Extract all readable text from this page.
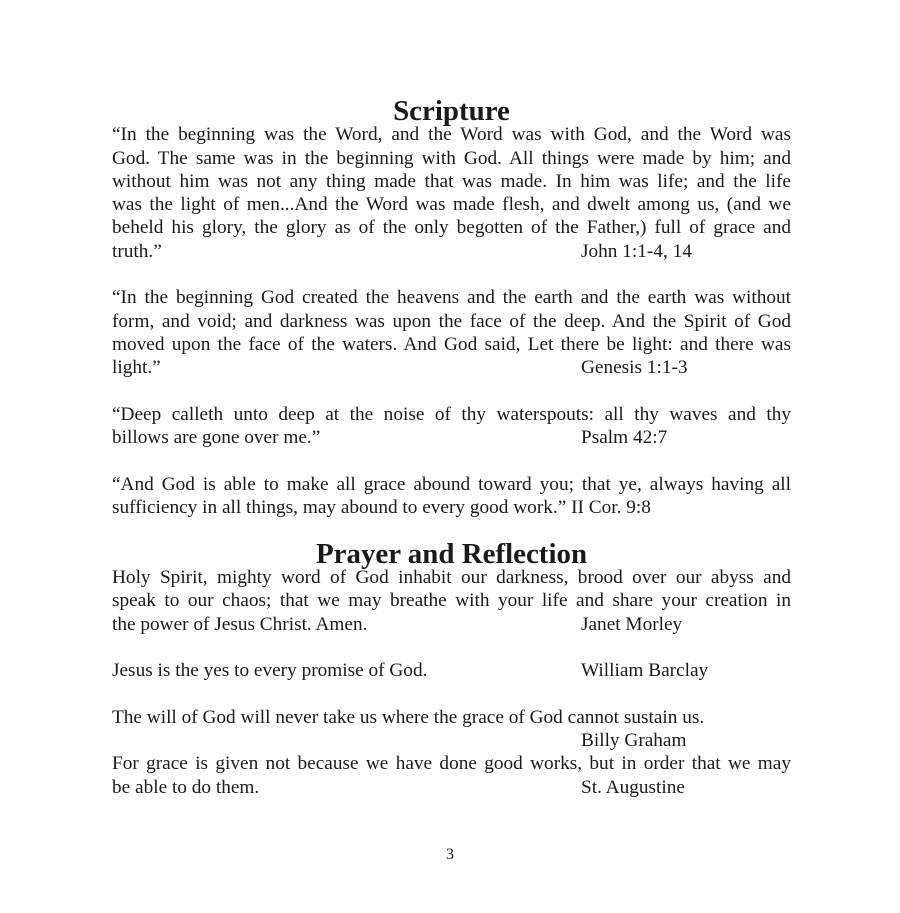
Scripture
“In the beginning was the Word, and the Word was with God, and the Word was
God. The same was in the beginning with God. All things were made by him; and
without him was not any thing made that was made. In him was life; and the life
was the light of men...And the Word was made flesh, and dwelt among us, (and we
beheld his glory, the glory as of the only begotten of the Father,) full of grace and
truth.”	John 1:1-4, 14
“In the beginning God created the heavens and the earth and the earth was without
form, and void; and darkness was upon the face of the deep. And the Spirit of God
moved upon the face of the waters. And God said, Let there be light: and there was
light.”	Genesis 1:1-3
“Deep calleth unto deep at the noise of thy waterspouts: all thy waves and thy
billows are gone over me.”	Psalm 42:7
“And God is able to make all grace abound toward you; that ye, always having all
sufficiency in all things, may abound to every good work.” II Cor. 9:8
Prayer and Reflection
Holy Spirit, mighty word of God inhabit our darkness, brood over our abyss and
speak to our chaos; that we may breathe with your life and share your creation in
the power of Jesus Christ. Amen.	Janet Morley
Jesus is the yes to every promise of God.	William Barclay
The will of God will never take us where the grace of God cannot sustain us.
Billy Graham
For grace is given not because we have done good works, but in order that we may
be able to do them.	St. Augustine
3
